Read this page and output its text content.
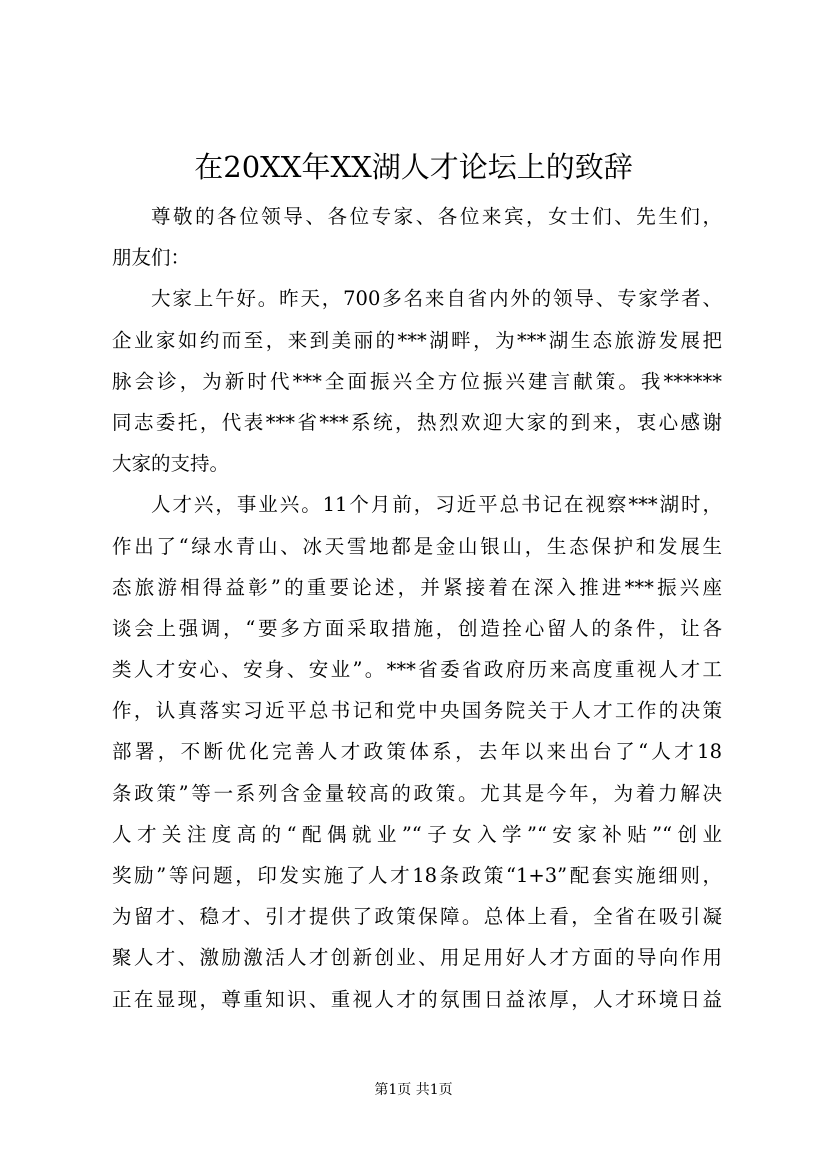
在20XX年XX湖人才论坛上的致辞
尊敬的各位领导、各位专家、各位来宾，女士们、先生们，
朋友们：
大家上午好。昨天，700多名来自省内外的领导、专家学者、
企业家如约而至，来到美丽的***湖畔，为***湖生态旅游发展把
脉会诊，为新时代***全面振兴全方位振兴建言献策。我******
同志委托，代表***省***系统，热烈欢迎大家的到来，衷心感谢
大家的支持。
人才兴，事业兴。11个月前，习近平总书记在视察***湖时，
作出了“绿水青山、冰天雪地都是金山银山，生态保护和发展生
态旅游相得益彰”的重要论述，并紧接着在深入推进***振兴座
谈会上强调，“要多方面采取措施，创造拴心留人的条件，让各
类人才安心、安身、安业”。***省委省政府历来高度重视人才工
作，认真落实习近平总书记和党中央国务院关于人才工作的决策
部署，不断优化完善人才政策体系，去年以来出台了“人才18
条政策”等一系列含金量较高的政策。尤其是今年，为着力解决
人才关注度高的“配偶就业”“子女入学”“安家补贴”“创业
奖励”等问题，印发实施了人才18条政策“1+3”配套实施细则，
为留才、稳才、引才提供了政策保障。总体上看，全省在吸引凝
聚人才、激励激活人才创新创业、用足用好人才方面的导向作用
正在显现，尊重知识、重视人才的氛围日益浓厚，人才环境日益
第1页 共1页
